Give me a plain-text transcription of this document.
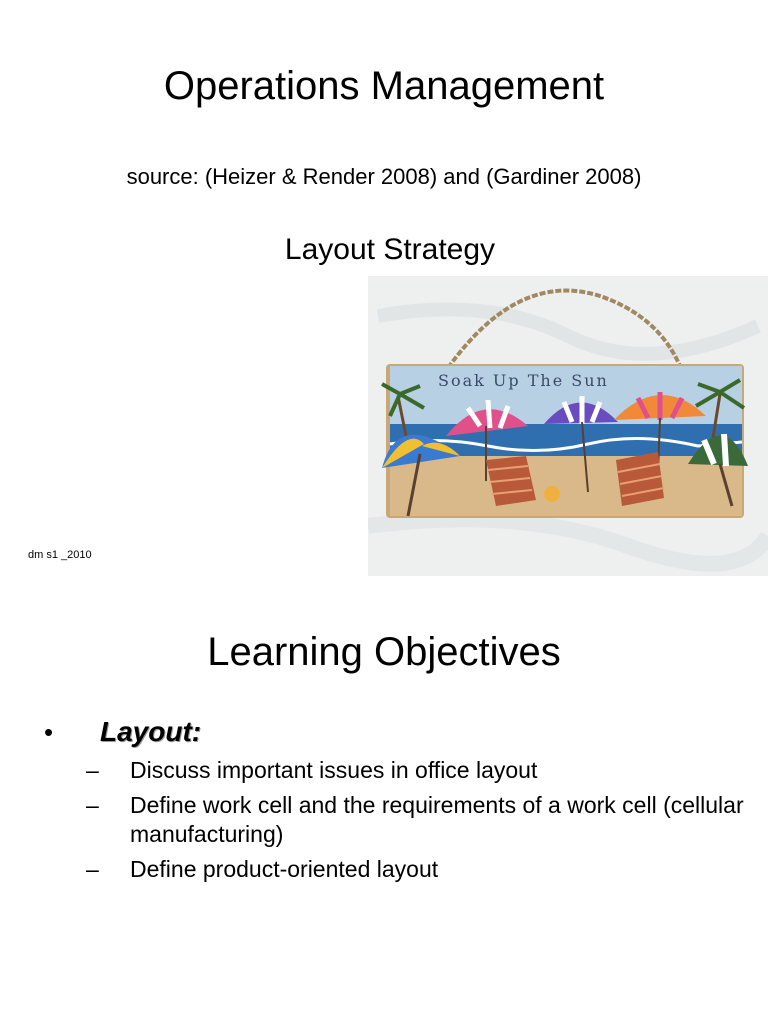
Operations Management
source: (Heizer & Render 2008) and (Gardiner 2008)
Layout Strategy
Soak Up The Sun
dm s1 _2010
Learning Objectives
•	Layout:
–	Discuss important issues in office layout
–	Define work cell and the requirements of a work cell (cellular manufacturing)
–	Define product-oriented layout
